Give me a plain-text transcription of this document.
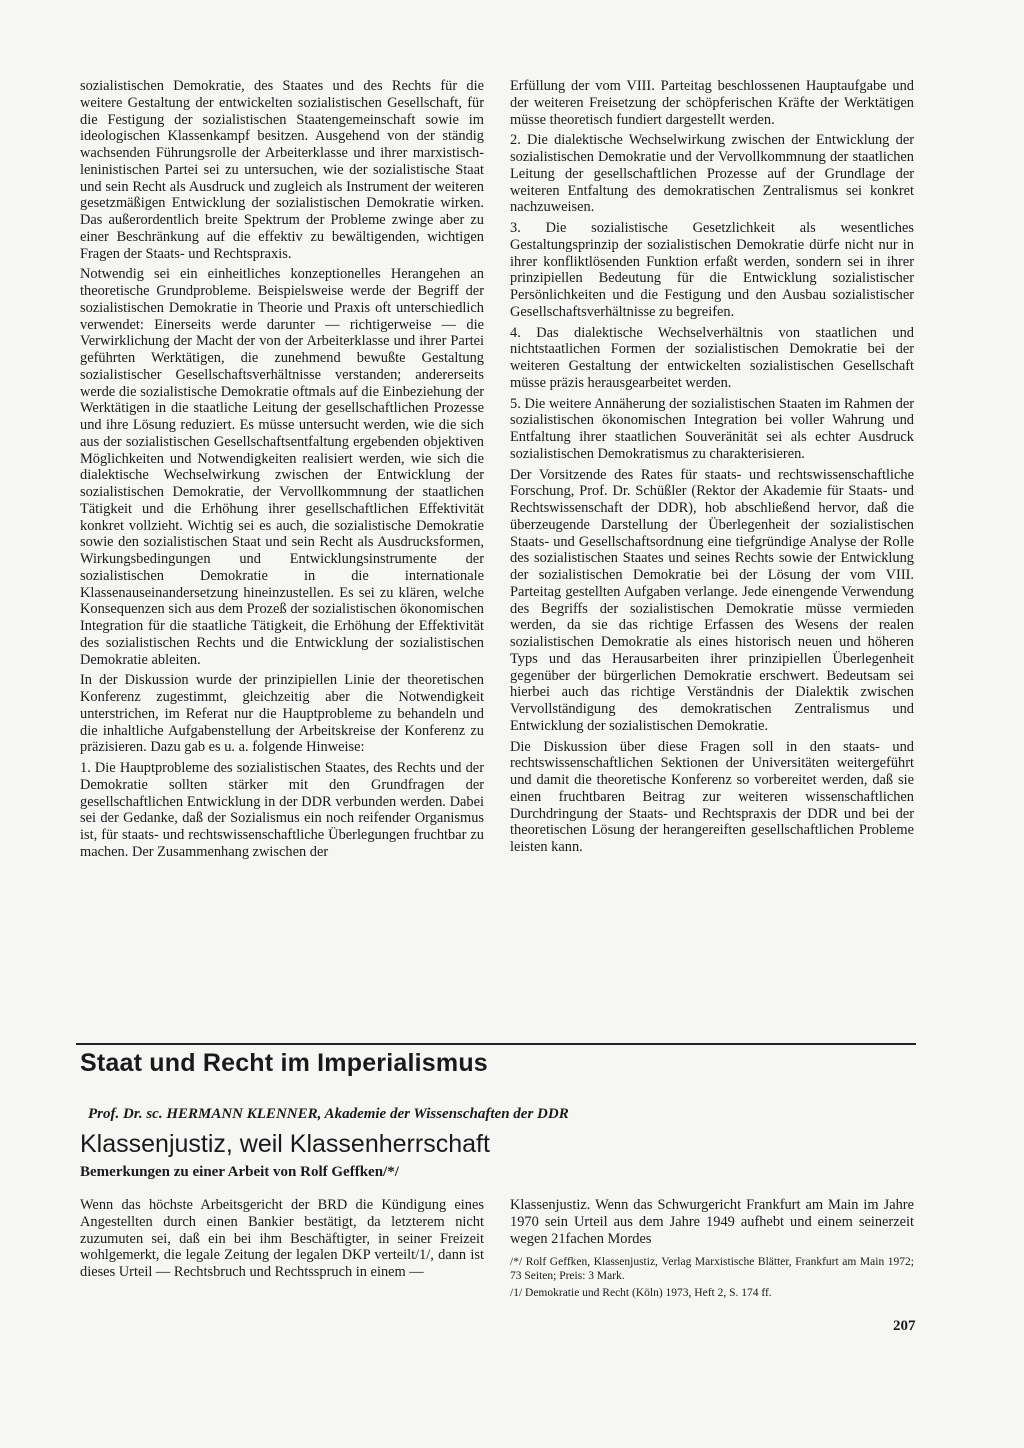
sozialistischen Demokratie, des Staates und des Rechts für die weitere Gestaltung der entwickelten sozialistischen Gesellschaft, für die Festigung der sozialistischen Staatengemeinschaft sowie im ideologischen Klassenkampf besitzen. Ausgehend von der ständig wachsenden Führungsrolle der Arbeiterklasse und ihrer marxistisch-leninistischen Partei sei zu untersuchen, wie der sozialistische Staat und sein Recht als Ausdruck und zugleich als Instrument der weiteren gesetzmäßigen Entwicklung der sozialistischen Demokratie wirken. Das außerordentlich breite Spektrum der Probleme zwinge aber zu einer Beschränkung auf die effektiv zu bewältigenden, wichtigen Fragen der Staats- und Rechtspraxis.

Notwendig sei ein einheitliches konzeptionelles Herangehen an theoretische Grundprobleme. Beispielsweise werde der Begriff der sozialistischen Demokratie in Theorie und Praxis oft unterschiedlich verwendet: Einerseits werde darunter — richtigerweise — die Verwirklichung der Macht der von der Arbeiterklasse und ihrer Partei geführten Werktätigen, die zunehmend bewußte Gestaltung sozialistischer Gesellschaftsverhältnisse verstanden; andererseits werde die sozialistische Demokratie oftmals auf die Einbeziehung der Werktätigen in die staatliche Leitung der gesellschaftlichen Prozesse und ihre Lösung reduziert. Es müsse untersucht werden, wie die sich aus der sozialistischen Gesellschaftsentfaltung ergebenden objektiven Möglichkeiten und Notwendigkeiten realisiert werden, wie sich die dialektische Wechselwirkung zwischen der Entwicklung der sozialistischen Demokratie, der Vervollkommnung der staatlichen Tätigkeit und die Erhöhung ihrer gesellschaftlichen Effektivität konkret vollzieht. Wichtig sei es auch, die sozialistische Demokratie sowie den sozialistischen Staat und sein Recht als Ausdrucksformen, Wirkungsbedingungen und Entwicklungsinstrumente der sozialistischen Demokratie in die internationale Klassenauseinandersetzung hineinzustellen. Es sei zu klären, welche Konsequenzen sich aus dem Prozeß der sozialistischen ökonomischen Integration für die staatliche Tätigkeit, die Erhöhung der Effektivität des sozialistischen Rechts und die Entwicklung der sozialistischen Demokratie ableiten.

In der Diskussion wurde der prinzipiellen Linie der theoretischen Konferenz zugestimmt, gleichzeitig aber die Notwendigkeit unterstrichen, im Referat nur die Hauptprobleme zu behandeln und die inhaltliche Aufgabenstellung der Arbeitskreise der Konferenz zu präzisieren. Dazu gab es u. a. folgende Hinweise:

1. Die Hauptprobleme des sozialistischen Staates, des Rechts und der Demokratie sollten stärker mit den Grundfragen der gesellschaftlichen Entwicklung in der DDR verbunden werden. Dabei sei der Gedanke, daß der Sozialismus ein noch reifender Organismus ist, für staats- und rechtswissenschaftliche Überlegungen fruchtbar zu machen. Der Zusammenhang zwischen der

Erfüllung der vom VIII. Parteitag beschlossenen Hauptaufgabe und der weiteren Freisetzung der schöpferischen Kräfte der Werktätigen müsse theoretisch fundiert dargestellt werden.

2. Die dialektische Wechselwirkung zwischen der Entwicklung der sozialistischen Demokratie und der Vervollkommnung der staatlichen Leitung der gesellschaftlichen Prozesse auf der Grundlage der weiteren Entfaltung des demokratischen Zentralismus sei konkret nachzuweisen.

3. Die sozialistische Gesetzlichkeit als wesentliches Gestaltungsprinzip der sozialistischen Demokratie dürfe nicht nur in ihrer konfliktlösenden Funktion erfaßt werden, sondern sei in ihrer prinzipiellen Bedeutung für die Entwicklung sozialistischer Persönlichkeiten und die Festigung und den Ausbau sozialistischer Gesellschaftsverhältnisse zu begreifen.

4. Das dialektische Wechselverhältnis von staatlichen und nichtstaatlichen Formen der sozialistischen Demokratie bei der weiteren Gestaltung der entwickelten sozialistischen Gesellschaft müsse präzis herausgearbeitet werden.

5. Die weitere Annäherung der sozialistischen Staaten im Rahmen der sozialistischen ökonomischen Integration bei voller Wahrung und Entfaltung ihrer staatlichen Souveränität sei als echter Ausdruck sozialistischen Demokratismus zu charakterisieren.

Der Vorsitzende des Rates für staats- und rechtswissenschaftliche Forschung, Prof. Dr. Schüßler (Rektor der Akademie für Staats- und Rechtswissenschaft der DDR), hob abschließend hervor, daß die überzeugende Darstellung der Überlegenheit der sozialistischen Staats- und Gesellschaftsordnung eine tiefgründige Analyse der Rolle des sozialistischen Staates und seines Rechts sowie der Entwicklung der sozialistischen Demokratie bei der Lösung der vom VIII. Parteitag gestellten Aufgaben verlange. Jede einengende Verwendung des Begriffs der sozialistischen Demokratie müsse vermieden werden, da sie das richtige Erfassen des Wesens der realen sozialistischen Demokratie als eines historisch neuen und höheren Typs und das Herausarbeiten ihrer prinzipiellen Überlegenheit gegenüber der bürgerlichen Demokratie erschwert. Bedeutsam sei hierbei auch das richtige Verständnis der Dialektik zwischen Vervollständigung des demokratischen Zentralismus und Entwicklung der sozialistischen Demokratie.

Die Diskussion über diese Fragen soll in den staats- und rechtswissenschaftlichen Sektionen der Universitäten weitergeführt und damit die theoretische Konferenz so vorbereitet werden, daß sie einen fruchtbaren Beitrag zur weiteren wissenschaftlichen Durchdringung der Staats- und Rechtspraxis der DDR und bei der theoretischen Lösung der herangereiften gesellschaftlichen Probleme leisten kann.

Staat und Recht im Imperialismus
Prof. Dr. sc. HERMANN KLENNER, Akademie der Wissenschaften der DDR
Klassenjustiz, weil Klassenherrschaft
Bemerkungen zu einer Arbeit von Rolf Geffken/*/

Wenn das höchste Arbeitsgericht der BRD die Kündigung eines Angestellten durch einen Bankier bestätigt, da letzterem nicht zuzumuten sei, daß ein bei ihm Beschäftigter, in seiner Freizeit wohlgemerkt, die legale Zeitung der legalen DKP verteilt/1/, dann ist dieses Urteil — Rechtsbruch und Rechtsspruch in einem —

Klassenjustiz. Wenn das Schwurgericht Frankfurt am Main im Jahre 1970 sein Urteil aus dem Jahre 1949 aufhebt und einem seinerzeit wegen 21fachen Mordes

/*/ Rolf Geffken, Klassenjustiz, Verlag Marxistische Blätter, Frankfurt am Main 1972; 73 Seiten; Preis: 3 Mark.

/1/ Demokratie und Recht (Köln) 1973, Heft 2, S. 174 ff.

207
